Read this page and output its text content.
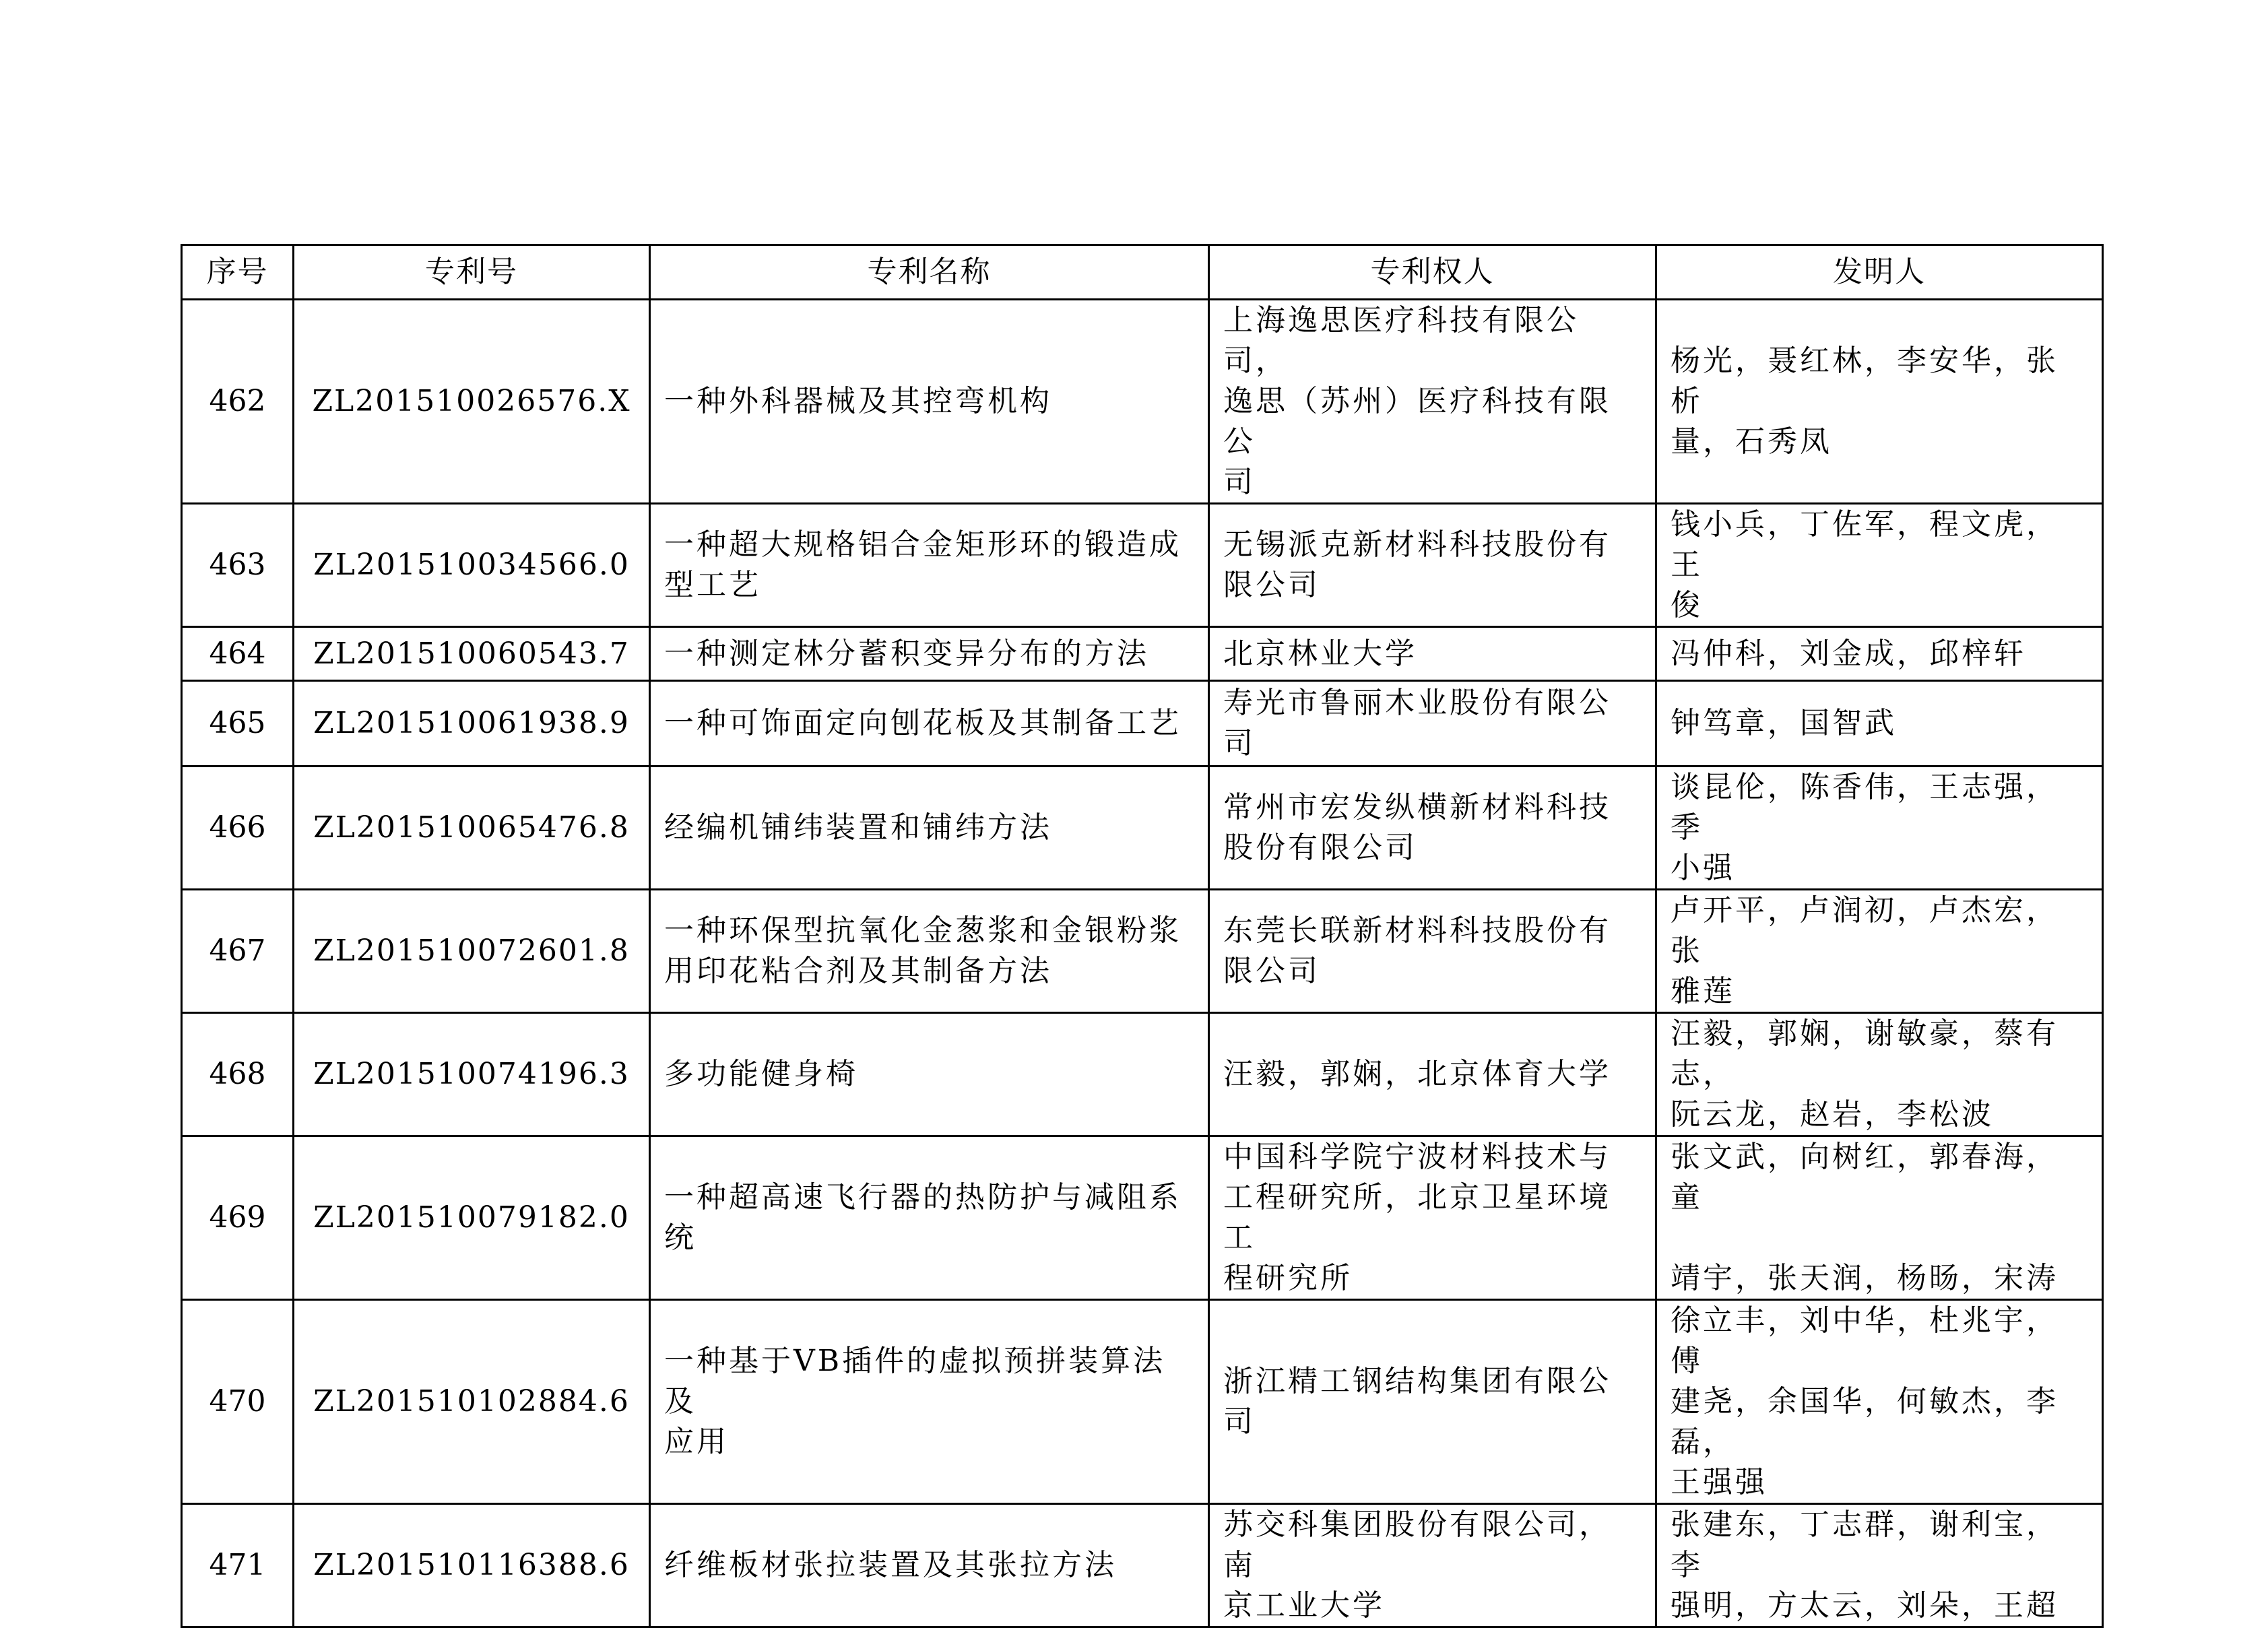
序号	专利号	专利名称	专利权人	发明人
462	ZL201510026576.X	一种外科器械及其控弯机构	上海逸思医疗科技有限公司，
逸思（苏州）医疗科技有限公
司	杨光，聂红林，李安华，张析
量，石秀凤
463	ZL201510034566.0	一种超大规格铝合金矩形环的锻造成
型工艺	无锡派克新材料科技股份有
限公司	钱小兵，丁佐军，程文虎，王
俊
464	ZL201510060543.7	一种测定林分蓄积变异分布的方法	北京林业大学	冯仲科，刘金成，邱梓轩
465	ZL201510061938.9	一种可饰面定向刨花板及其制备工艺	寿光市鲁丽木业股份有限公
司	钟笃章，国智武
466	ZL201510065476.8	经编机铺纬装置和铺纬方法	常州市宏发纵横新材料科技
股份有限公司	谈昆伦，陈香伟，王志强，季
小强
467	ZL201510072601.8	一种环保型抗氧化金葱浆和金银粉浆
用印花粘合剂及其制备方法	东莞长联新材料科技股份有
限公司	卢开平，卢润初，卢杰宏，张
雅莲
468	ZL201510074196.3	多功能健身椅	汪毅，郭娴，北京体育大学	汪毅，郭娴，谢敏豪，蔡有志，
阮云龙，赵岩，李松波
469	ZL201510079182.0	一种超高速飞行器的热防护与减阻系
统	中国科学院宁波材料技术与
工程研究所，北京卫星环境工
程研究所	张文武，向树红，郭春海，童

靖宇，张天润，杨旸，宋涛
470	ZL201510102884.6	一种基于VB插件的虚拟预拼装算法及
应用	浙江精工钢结构集团有限公
司	徐立丰，刘中华，杜兆宇，傅
建尧，余国华，何敏杰，李磊，
王强强
471	ZL201510116388.6	纤维板材张拉装置及其张拉方法	苏交科集团股份有限公司，南
京工业大学	张建东，丁志群，谢利宝，李
强明，方太云，刘朵，王超
